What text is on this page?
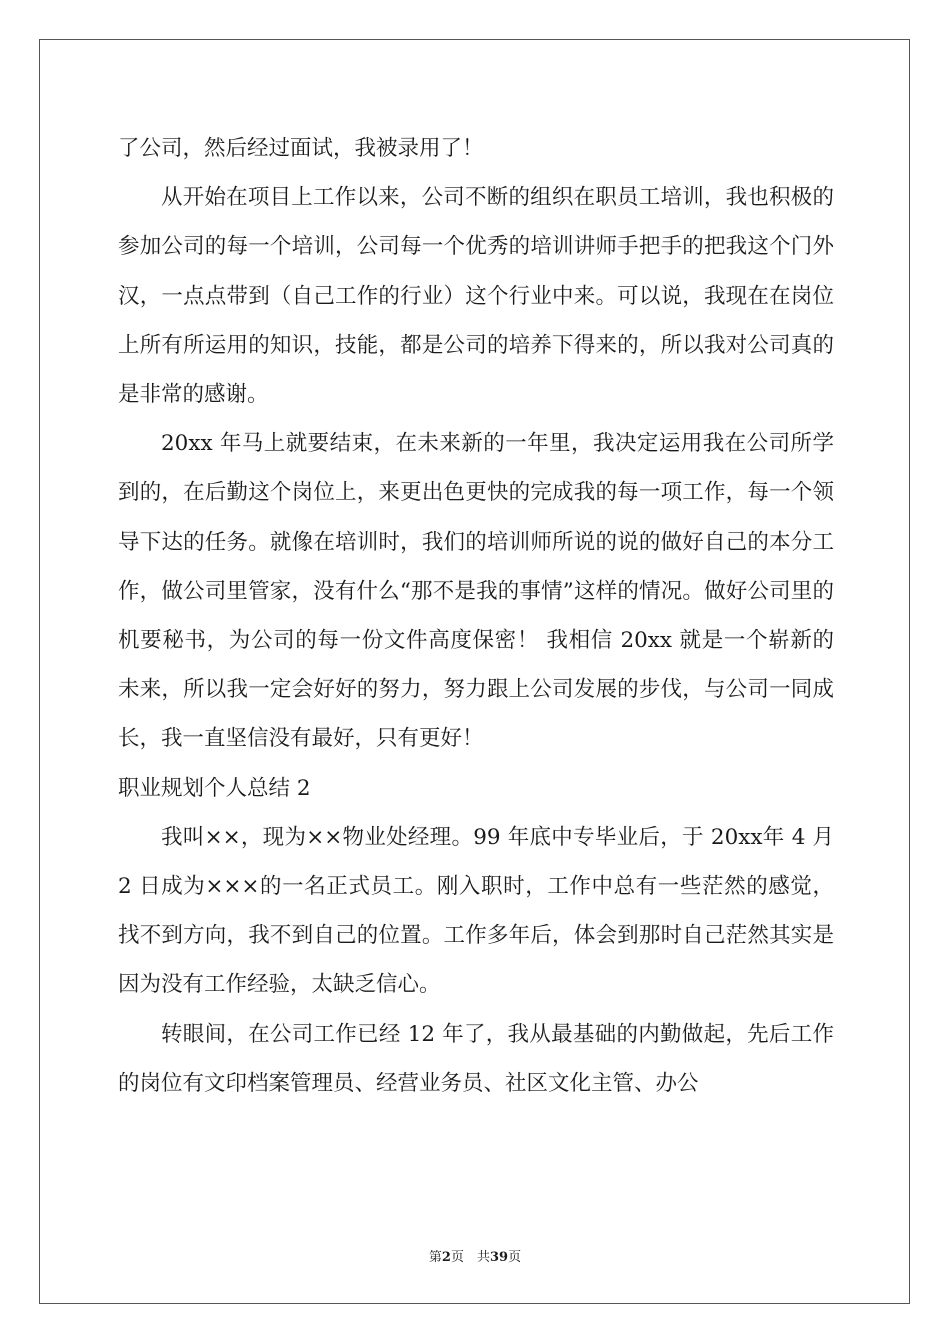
了公司，然后经过面试，我被录用了！

从开始在项目上工作以来，公司不断的组织在职员工培训，我也积极的参加公司的每一个培训，公司每一个优秀的培训讲师手把手的把我这个门外汉，一点点带到（自己工作的行业）这个行业中来。可以说，我现在在岗位上所有所运用的知识，技能，都是公司的培养下得来的，所以我对公司真的是非常的感谢。

20xx 年马上就要结束，在未来新的一年里，我决定运用我在公司所学到的，在后勤这个岗位上，来更出色更快的完成我的每一项工作，每一个领导下达的任务。就像在培训时，我们的培训师所说的说的做好自己的本分工作，做公司里管家，没有什么“那不是我的事情”这样的情况。做好公司里的机要秘书，为公司的每一份文件高度保密！ 我相信 20xx 就是一个崭新的未来，所以我一定会好好的努力，努力跟上公司发展的步伐，与公司一同成长，我一直坚信没有最好，只有更好！

职业规划个人总结 2

我叫××，现为××物业处经理。99 年底中专毕业后，于 20xx年 4 月 2 日成为×××的一名正式员工。刚入职时，工作中总有一些茫然的感觉，找不到方向，我不到自己的位置。工作多年后，体会到那时自己茫然其实是因为没有工作经验，太缺乏信心。

转眼间，在公司工作已经 12 年了，我从最基础的内勤做起，先后工作的岗位有文印档案管理员、经营业务员、社区文化主管、办公

第2页　共39页
